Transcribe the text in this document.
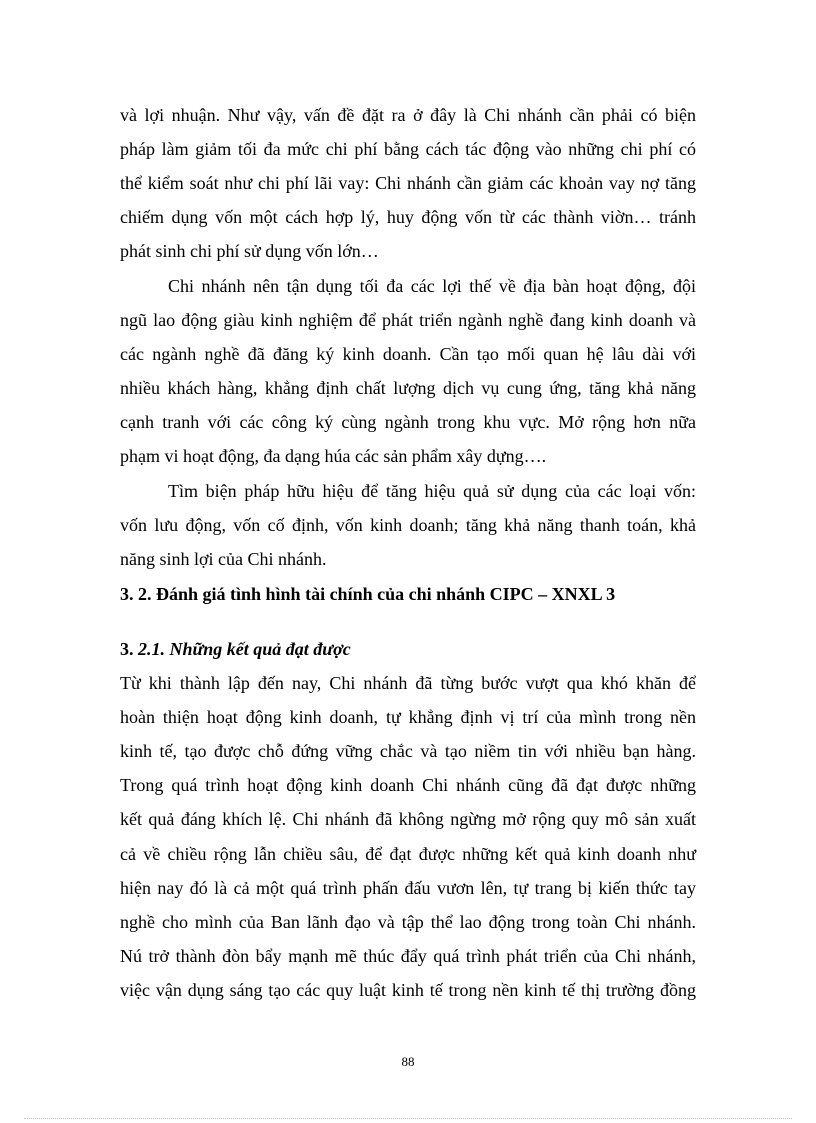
và lợi nhuận. Như vậy, vấn đề đặt ra ở đây là Chi nhánh cần phải có biện
pháp làm giảm tối đa mức chi phí bằng cách tác động vào những chi phí có
thể kiểm soát như chi phí lãi vay: Chi nhánh cần giảm các khoản vay nợ tăng
chiếm dụng vốn một cách hợp lý, huy động vốn từ các thành viờn… tránh
phát sinh chi phí sử dụng vốn lớn…
Chi nhánh nên tận dụng tối đa các lợi thế về địa bàn hoạt động, đội
ngũ lao động giàu kinh nghiệm để phát triển ngành nghề đang kinh doanh và
các ngành nghề đã đăng ký kinh doanh. Cần tạo mối quan hệ lâu dài với
nhiều khách hàng, khẳng định chất lượng dịch vụ cung ứng, tăng khả năng
cạnh tranh với các công ký cùng ngành trong khu vực. Mở rộng hơn nữa
phạm vi hoạt động, đa dạng húa các sản phẩm xây dựng….
Tìm biện pháp hữu hiệu để tăng hiệu quả sử dụng của các loại vốn:
vốn lưu động, vốn cố định, vốn kinh doanh; tăng khả năng thanh toán, khả
năng sinh lợi của Chi nhánh.
3. 2. Đánh giá tình hình tài chính của chi nhánh CIPC – XNXL 3
3. 2.1. Những kết quả đạt được
Từ khi thành lập đến nay, Chi nhánh đã từng bước vượt qua khó khăn để
hoàn thiện hoạt động kinh doanh, tự khẳng định vị trí của mình trong nền
kinh tế, tạo được chỗ đứng vững chắc và tạo niềm tin với nhiều bạn hàng.
Trong quá trình hoạt động kinh doanh Chi nhánh cũng đã đạt được những
kết quả đáng khích lệ. Chi nhánh đã không ngừng mở rộng quy mô sản xuất
cả về chiều rộng lẫn chiều sâu, để đạt được những kết quả kinh doanh như
hiện nay đó là cả một quá trình phấn đấu vươn lên, tự trang bị kiến thức tay
nghề cho mình của Ban lãnh đạo và tập thể lao động trong toàn Chi nhánh.
Nú trở thành đòn bẩy mạnh mẽ thúc đẩy quá trình phát triển của Chi nhánh,
việc vận dụng sáng tạo các quy luật kinh tế trong nền kinh tế thị trường đồng
88
